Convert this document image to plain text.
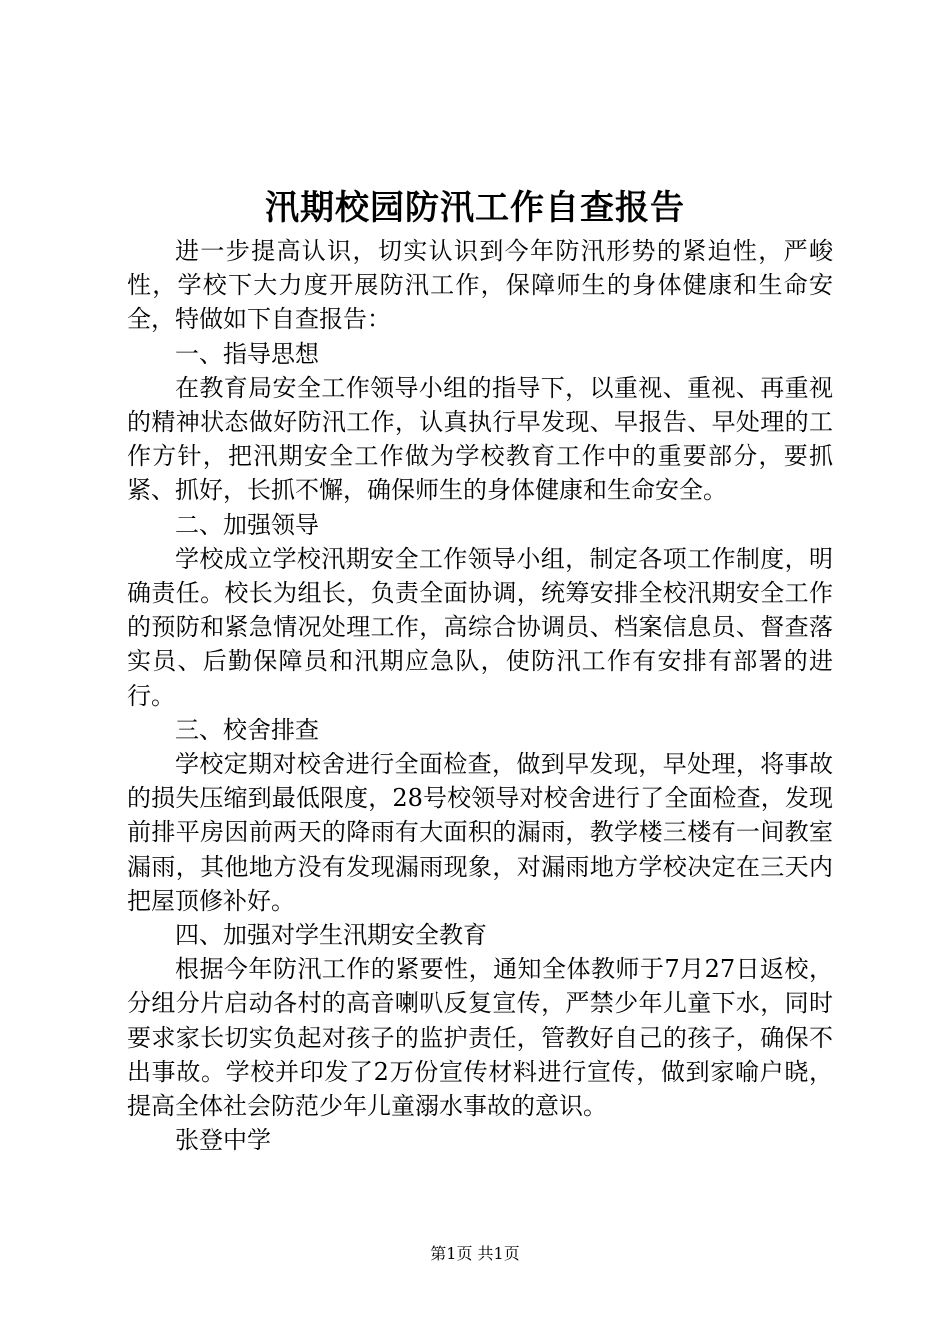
汛期校园防汛工作自查报告

进一步提高认识，切实认识到今年防汛形势的紧迫性，严峻性，学校下大力度开展防汛工作，保障师生的身体健康和生命安全，特做如下自查报告：

一、指导思想

在教育局安全工作领导小组的指导下，以重视、重视、再重视的精神状态做好防汛工作，认真执行早发现、早报告、早处理的工作方针，把汛期安全工作做为学校教育工作中的重要部分，要抓紧、抓好，长抓不懈，确保师生的身体健康和生命安全。

二、加强领导

学校成立学校汛期安全工作领导小组，制定各项工作制度，明确责任。校长为组长，负责全面协调，统筹安排全校汛期安全工作的预防和紧急情况处理工作，高综合协调员、档案信息员、督查落实员、后勤保障员和汛期应急队，使防汛工作有安排有部署的进行。

三、校舍排查

学校定期对校舍进行全面检查，做到早发现，早处理，将事故的损失压缩到最低限度，28号校领导对校舍进行了全面检查，发现前排平房因前两天的降雨有大面积的漏雨，教学楼三楼有一间教室漏雨，其他地方没有发现漏雨现象，对漏雨地方学校决定在三天内把屋顶修补好。

四、加强对学生汛期安全教育

根据今年防汛工作的紧要性，通知全体教师于7月27日返校，分组分片启动各村的高音喇叭反复宣传，严禁少年儿童下水，同时要求家长切实负起对孩子的监护责任，管教好自己的孩子，确保不出事故。学校并印发了2万份宣传材料进行宣传，做到家喻户晓，提高全体社会防范少年儿童溺水事故的意识。

张登中学

第1页 共1页
